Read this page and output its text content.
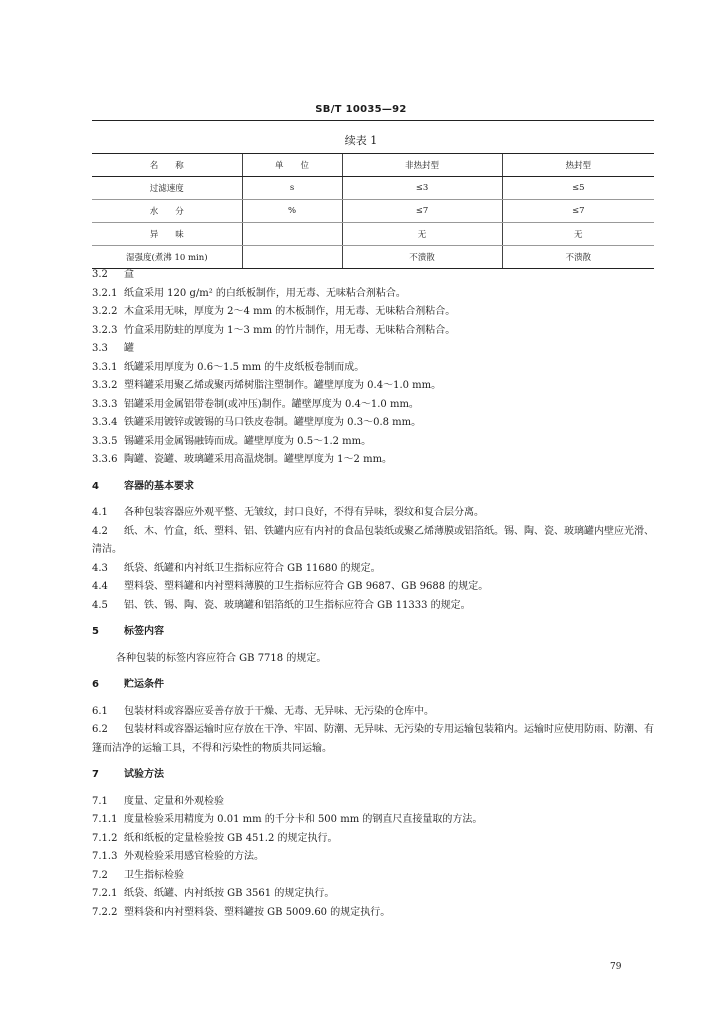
SB/T 10035—92
续表 1
名　　称	单　　位	非热封型	热封型
过滤速度	s	≤3	≤5
水　　分	%	≤7	≤7
异　　味		无	无
湿强度(煮沸 10 min)		不溃散	不溃散
3.2 盒
3.2.1 纸盒采用 120 g/m² 的白纸板制作，用无毒、无味粘合剂粘合。
3.2.2 木盒采用无味，厚度为 2～4 mm 的木板制作，用无毒、无味粘合剂粘合。
3.2.3 竹盒采用防蛀的厚度为 1～3 mm 的竹片制作，用无毒、无味粘合剂粘合。
3.3 罐
3.3.1 纸罐采用厚度为 0.6～1.5 mm 的牛皮纸板卷制而成。
3.3.2 塑料罐采用聚乙烯或聚丙烯树脂注塑制作。罐壁厚度为 0.4～1.0 mm。
3.3.3 铝罐采用金属铝带卷制(或冲压)制作。罐壁厚度为 0.4～1.0 mm。
3.3.4 铁罐采用镀锌或镀锡的马口铁皮卷制。罐壁厚度为 0.3～0.8 mm。
3.3.5 锡罐采用金属锡融铸而成。罐壁厚度为 0.5～1.2 mm。
3.3.6 陶罐、瓷罐、玻璃罐采用高温烧制。罐壁厚度为 1～2 mm。
4	容器的基本要求
4.1 各种包装容器应外观平整、无皱纹，封口良好，不得有异味，裂纹和复合层分离。
4.2 纸、木、竹盒，纸、塑料、铝、铁罐内应有内衬的食品包装纸或聚乙烯薄膜或铝箔纸。锡、陶、瓷、玻璃罐内壁应光滑、清洁。
4.3 纸袋、纸罐和内衬纸卫生指标应符合 GB 11680 的规定。
4.4 塑料袋、塑料罐和内衬塑料薄膜的卫生指标应符合 GB 9687、GB 9688 的规定。
4.5 铝、铁、锡、陶、瓷、玻璃罐和铝箔纸的卫生指标应符合 GB 11333 的规定。
5	标签内容
各种包装的标签内容应符合 GB 7718 的规定。
6	贮运条件
6.1 包装材料或容器应妥善存放于干燥、无毒、无异味、无污染的仓库中。
6.2 包装材料或容器运输时应存放在干净、牢固、防潮、无异味、无污染的专用运输包装箱内。运输时应使用防雨、防潮、有篷而洁净的运输工具，不得和污染性的物质共同运输。
7	试验方法
7.1 度量、定量和外观检验
7.1.1 度量检验采用精度为 0.01 mm 的千分卡和 500 mm 的钢直尺直接量取的方法。
7.1.2 纸和纸板的定量检验按 GB 451.2 的规定执行。
7.1.3 外观检验采用感官检验的方法。
7.2 卫生指标检验
7.2.1 纸袋、纸罐、内衬纸按 GB 3561 的规定执行。
7.2.2 塑料袋和内衬塑料袋、塑料罐按 GB 5009.60 的规定执行。
79
